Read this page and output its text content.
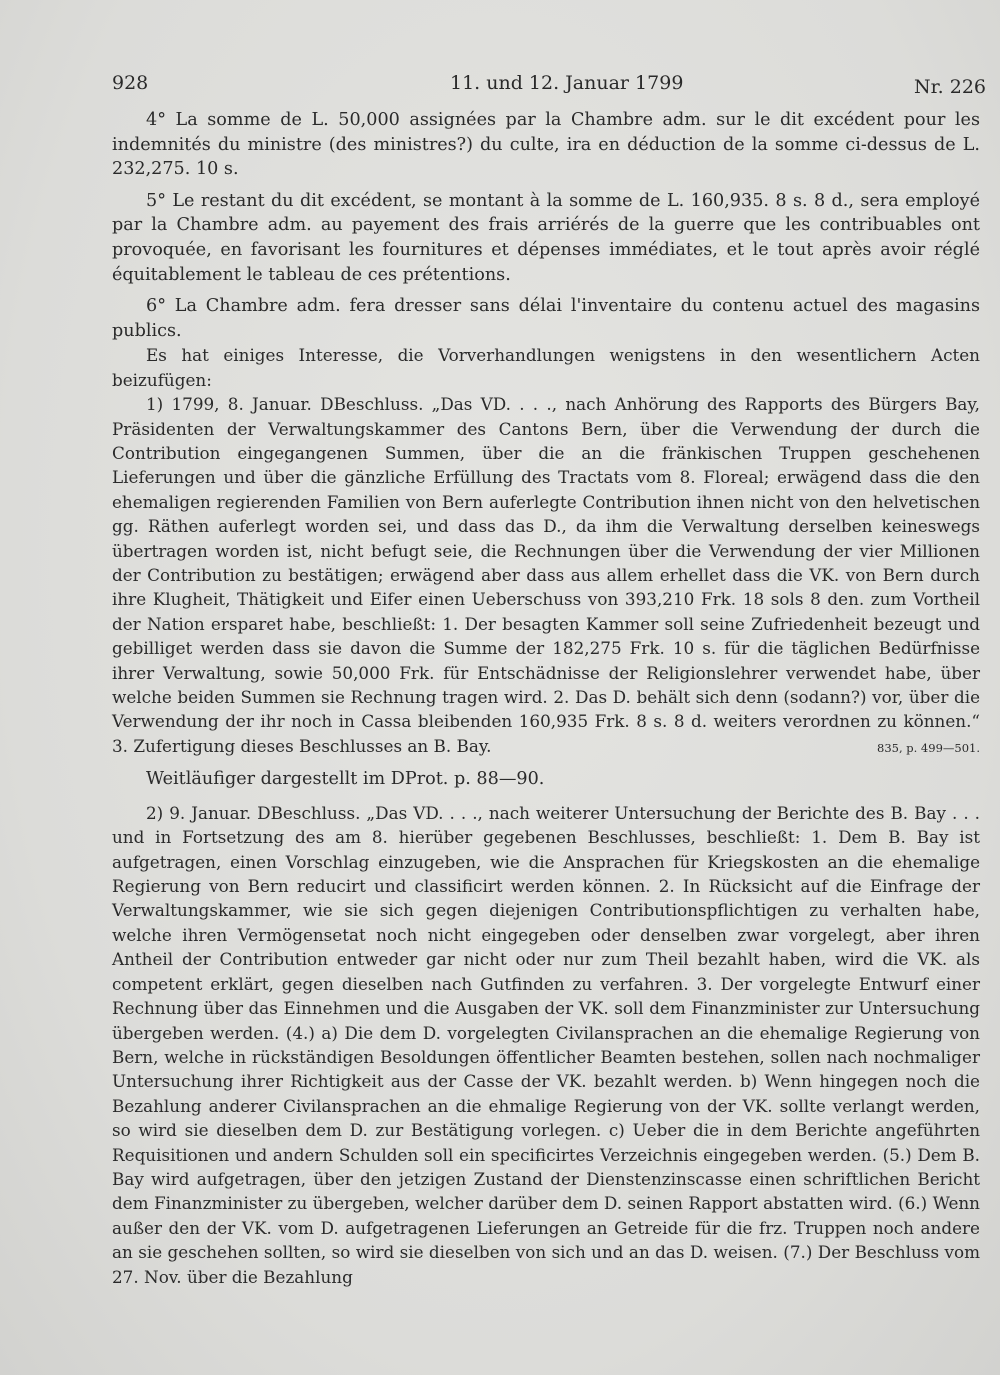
928	11. und 12. Januar 1799	Nr. 226

4° La somme de L. 50,000 assignées par la Chambre adm. sur le dit excédent pour les indemnités du ministre (des ministres?) du culte, ira en déduction de la somme ci-dessus de L. 232,275. 10 s.

5° Le restant du dit excédent, se montant à la somme de L. 160,935. 8 s. 8 d., sera employé par la Chambre adm. au payement des frais arriérés de la guerre que les contribuables ont provoquée, en favorisant les fournitures et dépenses immédiates, et le tout après avoir réglé équitablement le tableau de ces prétentions.

6° La Chambre adm. fera dresser sans délai l'inventaire du contenu actuel des magasins publics.

Es hat einiges Interesse, die Vorverhandlungen wenigstens in den wesentlichern Acten beizufügen:

1) 1799, 8. Januar. DBeschluss. „Das VD. . . ., nach Anhörung des Rapports des Bürgers Bay, Präsidenten der Verwaltungskammer des Cantons Bern, über die Verwendung der durch die Contribution eingegangenen Summen, über die an die fränkischen Truppen geschehenen Lieferungen und über die gänzliche Erfüllung des Tractats vom 8. Floreal; erwägend dass die den ehemaligen regierenden Familien von Bern auferlegte Contribution ihnen nicht von den helvetischen gg. Räthen auferlegt worden sei, und dass das D., da ihm die Verwaltung derselben keineswegs übertragen worden ist, nicht befugt seie, die Rechnungen über die Verwendung der vier Millionen der Contribution zu bestätigen; erwägend aber dass aus allem erhellet dass die VK. von Bern durch ihre Klugheit, Thätigkeit und Eifer einen Ueberschuss von 393,210 Frk. 18 sols 8 den. zum Vortheil der Nation ersparet habe, beschließt: 1. Der besagten Kammer soll seine Zufriedenheit bezeugt und gebilliget werden dass sie davon die Summe der 182,275 Frk. 10 s. für die täglichen Bedürfnisse ihrer Verwaltung, sowie 50,000 Frk. für Entschädnisse der Religionslehrer verwendet habe, über welche beiden Summen sie Rechnung tragen wird. 2. Das D. behält sich denn (sodann?) vor, über die Verwendung der ihr noch in Cassa bleibenden 160,935 Frk. 8 s. 8 d. weiters verordnen zu können.“ 3. Zufertigung dieses Beschlusses an B. Bay.	835, p. 499—501.

Weitläufiger dargestellt im DProt. p. 88—90.

2) 9. Januar. DBeschluss. „Das VD. . . ., nach weiterer Untersuchung der Berichte des B. Bay . . . und in Fortsetzung des am 8. hierüber gegebenen Beschlusses, beschließt: 1. Dem B. Bay ist aufgetragen, einen Vorschlag einzugeben, wie die Ansprachen für Kriegskosten an die ehemalige Regierung von Bern reducirt und classificirt werden können. 2. In Rücksicht auf die Einfrage der Verwaltungskammer, wie sie sich gegen diejenigen Contributionspflichtigen zu verhalten habe, welche ihren Vermögensetat noch nicht eingegeben oder denselben zwar vorgelegt, aber ihren Antheil der Contribution entweder gar nicht oder nur zum Theil bezahlt haben, wird die VK. als competent erklärt, gegen dieselben nach Gutfinden zu verfahren. 3. Der vorgelegte Entwurf einer Rechnung über das Einnehmen und die Ausgaben der VK. soll dem Finanzminister zur Untersuchung übergeben werden. (4.) a) Die dem D. vorgelegten Civilansprachen an die ehemalige Regierung von Bern, welche in rückständigen Besoldungen öffentlicher Beamten bestehen, sollen nach nochmaliger Untersuchung ihrer Richtigkeit aus der Casse der VK. bezahlt werden. b) Wenn hingegen noch die Bezahlung anderer Civilansprachen an die ehmalige Regierung von der VK. sollte verlangt werden, so wird sie dieselben dem D. zur Bestätigung vorlegen. c) Ueber die in dem Berichte angeführten Requisitionen und andern Schulden soll ein specificirtes Verzeichnis eingegeben werden. (5.) Dem B. Bay wird aufgetragen, über den jetzigen Zustand der Dienstenzinscasse einen schriftlichen Bericht dem Finanzminister zu übergeben, welcher darüber dem D. seinen Rapport abstatten wird. (6.) Wenn außer den der VK. vom D. aufgetragenen Lieferungen an Getreide für die frz. Truppen noch andere an sie geschehen sollten, so wird sie dieselben von sich und an das D. weisen. (7.) Der Beschluss vom 27. Nov. über die Bezahlung
